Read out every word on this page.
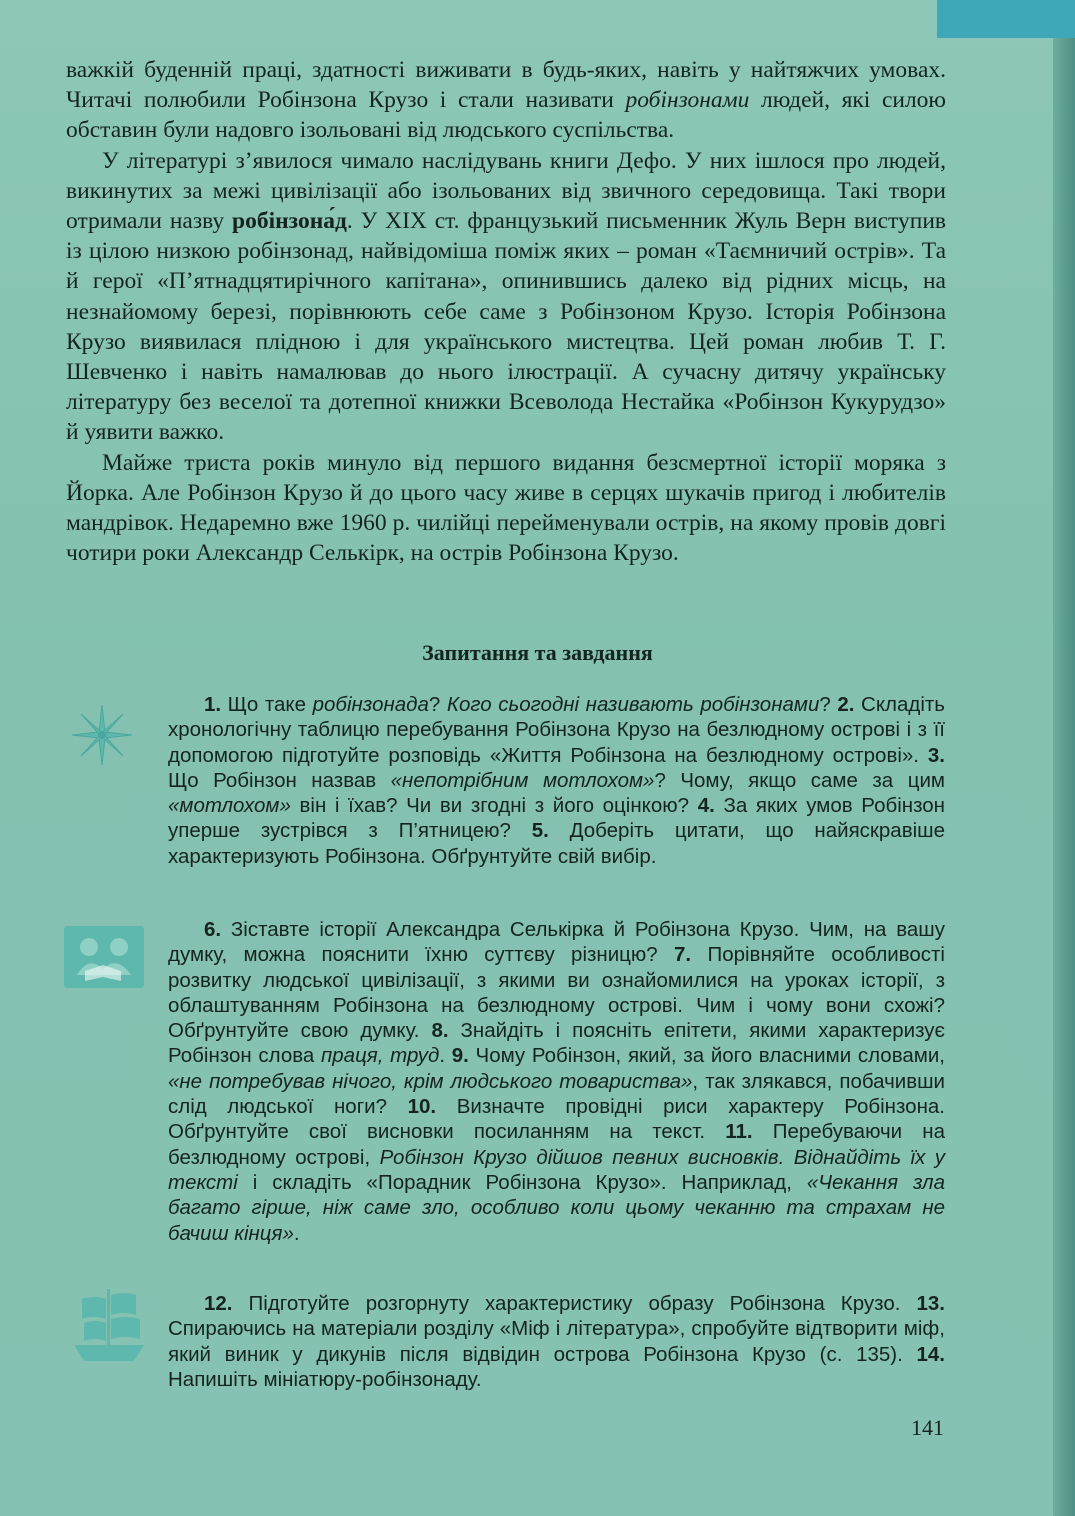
важкій буденній праці, здатності виживати в будь-яких, навіть у найтяжчих умовах. Читачі полюбили Робінзона Крузо і стали називати робінзонами людей, які силою обставин були надовго ізольовані від людського суспільства.

У літературі з’явилося чимало наслідувань книги Дефо. У них ішлося про людей, викинутих за межі цивілізації або ізольованих від звичного середовища. Такі твори отримали назву робінзона́д. У XIX ст. французький письменник Жуль Верн виступив із цілою низкою робінзонад, найвідоміша поміж яких – роман «Таємничий острів». Та й герої «П’ятнадцятирічного капітана», опинившись далеко від рідних місць, на незнайомому березі, порівнюють себе саме з Робінзоном Крузо. Історія Робінзона Крузо виявилася плідною і для українського мистецтва. Цей роман любив Т. Г. Шевченко і навіть намалював до нього ілюстрації. А сучасну дитячу українську літературу без веселої та дотепної книжки Всеволода Нестайка «Робінзон Кукурудзо» й уявити важко.

Майже триста років минуло від першого видання безсмертної історії моряка з Йорка. Але Робінзон Крузо й до цього часу живе в серцях шукачів пригод і любителів мандрівок. Недаремно вже 1960 р. чилійці перейменували острів, на якому провів довгі чотири роки Александр Селькірк, на острів Робінзона Крузо.

Запитання та завдання

1. Що таке робінзонада? Кого сьогодні називають робінзонами? 2. Складіть хронологічну таблицю перебування Робінзона Крузо на безлюдному острові і з її допомогою підготуйте розповідь «Життя Робінзона на безлюдному острові». 3. Що Робінзон назвав «непотрібним мотлохом»? Чому, якщо саме за цим «мотлохом» він і їхав? Чи ви згодні з його оцінкою? 4. За яких умов Робінзон уперше зустрівся з П’ятницею? 5. Доберіть цитати, що найяскравіше характеризують Робінзона. Обґрунтуйте свій вибір.

6. Зіставте історії Александра Селькірка й Робінзона Крузо. Чим, на вашу думку, можна пояснити їхню суттєву різницю? 7. Порівняйте особливості розвитку людської цивілізації, з якими ви ознайомилися на уроках історії, з облаштуванням Робінзона на безлюдному острові. Чим і чому вони схожі? Обґрунтуйте свою думку. 8. Знайдіть і поясніть епітети, якими характеризує Робінзон слова праця, труд. 9. Чому Робінзон, який, за його власними словами, «не потребував нічого, крім людського товариства», так злякався, побачивши слід людської ноги? 10. Визначте провідні риси характеру Робінзона. Обґрунтуйте свої висновки посиланням на текст. 11. Перебуваючи на безлюдному острові, Робінзон Крузо дійшов певних висновків. Віднайдіть їх у тексті і складіть «Порадник Робінзона Крузо». Наприклад, «Чекання зла багато гірше, ніж саме зло, особливо коли цьому чеканню та страхам не бачиш кінця».

12. Підготуйте розгорнуту характеристику образу Робінзона Крузо. 13. Спираючись на матеріали розділу «Міф і література», спробуйте відтворити міф, який виник у дикунів після відвідин острова Робінзона Крузо (с. 135). 14. Напишіть мініатюру-робінзонаду.

141
